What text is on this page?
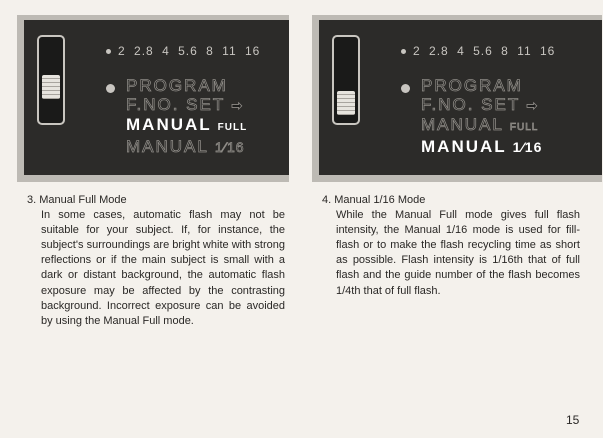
2 2.8 4 5.6 8 11 16
PROGRAM
F.NO. SET ➡
MANUAL FULL
MANUAL 1⁄16
2 2.8 4 5.6 8 11 16
PROGRAM
F.NO. SET ➡
MANUAL FULL
MANUAL 1⁄16

3. Manual Full Mode

In some cases, automatic flash may not be suitable for your subject. If, for instance, the subject's surroundings are bright white with strong reflections or if the main subject is small with a dark or distant background, the automatic flash exposure may be affected by the contrasting background. Incorrect exposure can be avoided by using the Manual Full mode.

4. Manual 1/16 Mode

While the Manual Full mode gives full flash intensity, the Manual 1/16 mode is used for fill-flash or to make the flash recycling time as short as possible. Flash intensity is 1/16th that of full flash and the guide number of the flash becomes 1/4th that of full flash.

15
